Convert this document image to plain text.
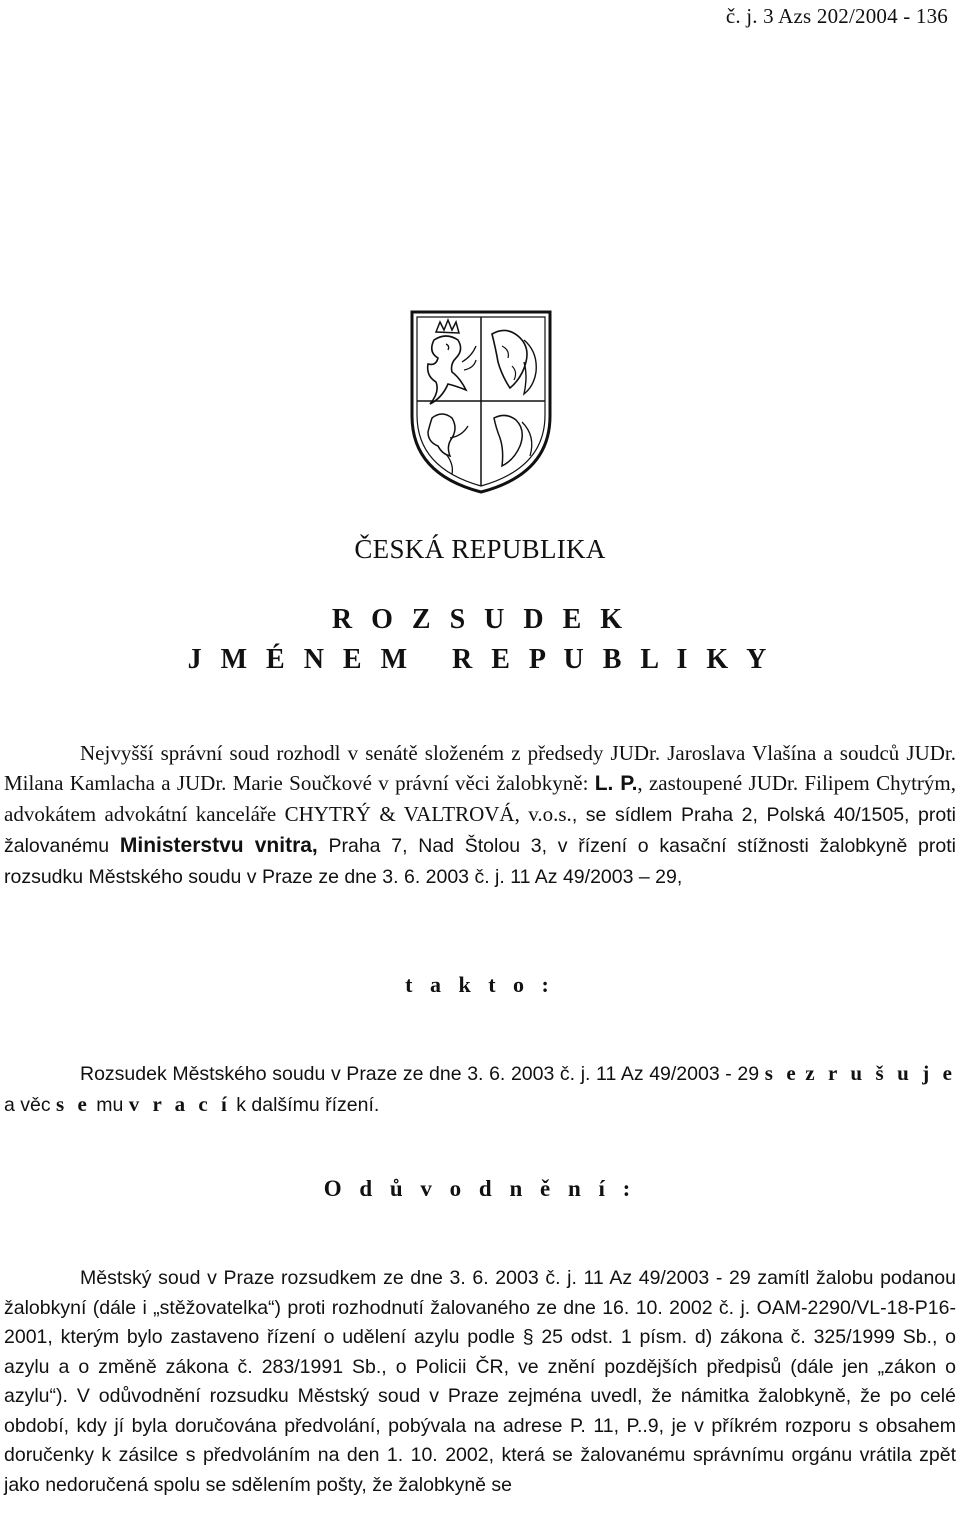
č. j. 3 Azs 202/2004 - 136
ČESKÁ REPUBLIKA
R O Z S U D E K
J M É N E M   R E P U B L I K Y

Nejvyšší správní soud rozhodl v senátě složeném z předsedy JUDr. Jaroslava Vlašína a soudců JUDr. Milana Kamlacha a JUDr. Marie Součkové v právní věci žalobkyně: L. P., zastoupené JUDr. Filipem Chytrým, advokátem advokátní kanceláře CHYTRÝ & VALTROVÁ, v.o.s., se sídlem Praha 2, Polská 40/1505, proti žalovanému Ministerstvu vnitra, Praha 7, Nad Štolou 3, v řízení o kasační stížnosti žalobkyně proti rozsudku Městského soudu v Praze ze dne 3. 6. 2003 č. j. 11 Az 49/2003 – 29,

t a k t o :

Rozsudek Městského soudu v Praze ze dne 3. 6. 2003 č. j. 11 Az 49/2003 - 29 s e z r u š u j e a věc s e mu v r a c í k dalšímu řízení.

O d ů v o d n ě n í :

Městský soud v Praze rozsudkem ze dne 3. 6. 2003 č. j. 11 Az 49/2003 - 29 zamítl žalobu podanou žalobkyní (dále i „stěžovatelka“) proti rozhodnutí žalovaného ze dne 16. 10. 2002 č. j. OAM-2290/VL-18-P16-2001, kterým bylo zastaveno řízení o udělení azylu podle § 25 odst. 1 písm. d) zákona č. 325/1999 Sb., o azylu a o změně zákona č. 283/1991 Sb., o Policii ČR, ve znění pozdějších předpisů (dále jen „zákon o azylu“). V odůvodnění rozsudku Městský soud v Praze zejména uvedl, že námitka žalobkyně, že po celé období, kdy jí byla doručována předvolání, pobývala na adrese P. 11, P..9, je v příkrém rozporu s obsahem doručenky k zásilce s předvoláním na den 1. 10. 2002, která se žalovanému správnímu orgánu vrátila zpět jako nedoručená spolu se sdělením pošty, že žalobkyně se
